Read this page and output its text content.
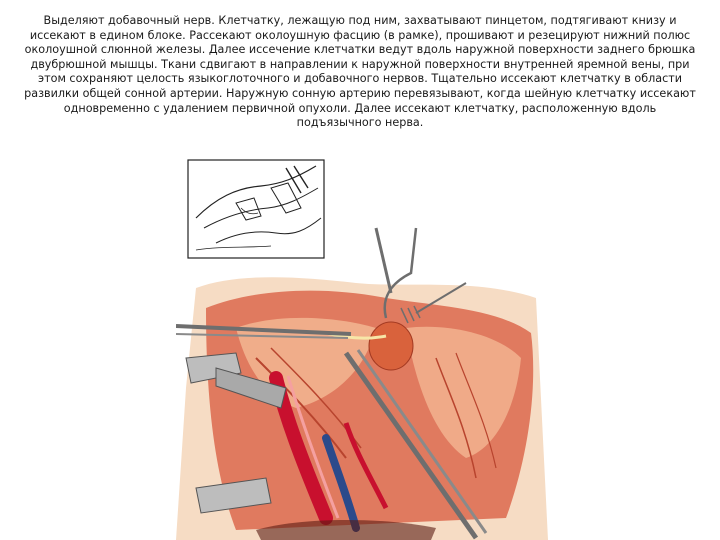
Выделяют добавочный нерв. Клетчатку, лежащую под ним, захватывают пинцетом, подтягивают книзу и иссекают в едином блоке. Рассекают околоушную фасцию (в рамке), прошивают и резецируют нижний полюс околоушной слюнной железы. Далее иссечение клетчатки ведут вдоль наружной поверхности заднего брюшка двубрюшной мышцы. Ткани сдвигают в направлении к наружной поверхности внутренней яремной вены, при этом сохраняют целость языкоглоточного и добавочного нервов. Тщательно иссекают клетчатку в области развилки общей сонной артерии. Наружную сонную артерию перевязывают, когда шейную клетчатку иссекают одновременно с удалением первичной опухоли. Далее иссекают клетчатку, расположенную вдоль подъязычного нерва.
